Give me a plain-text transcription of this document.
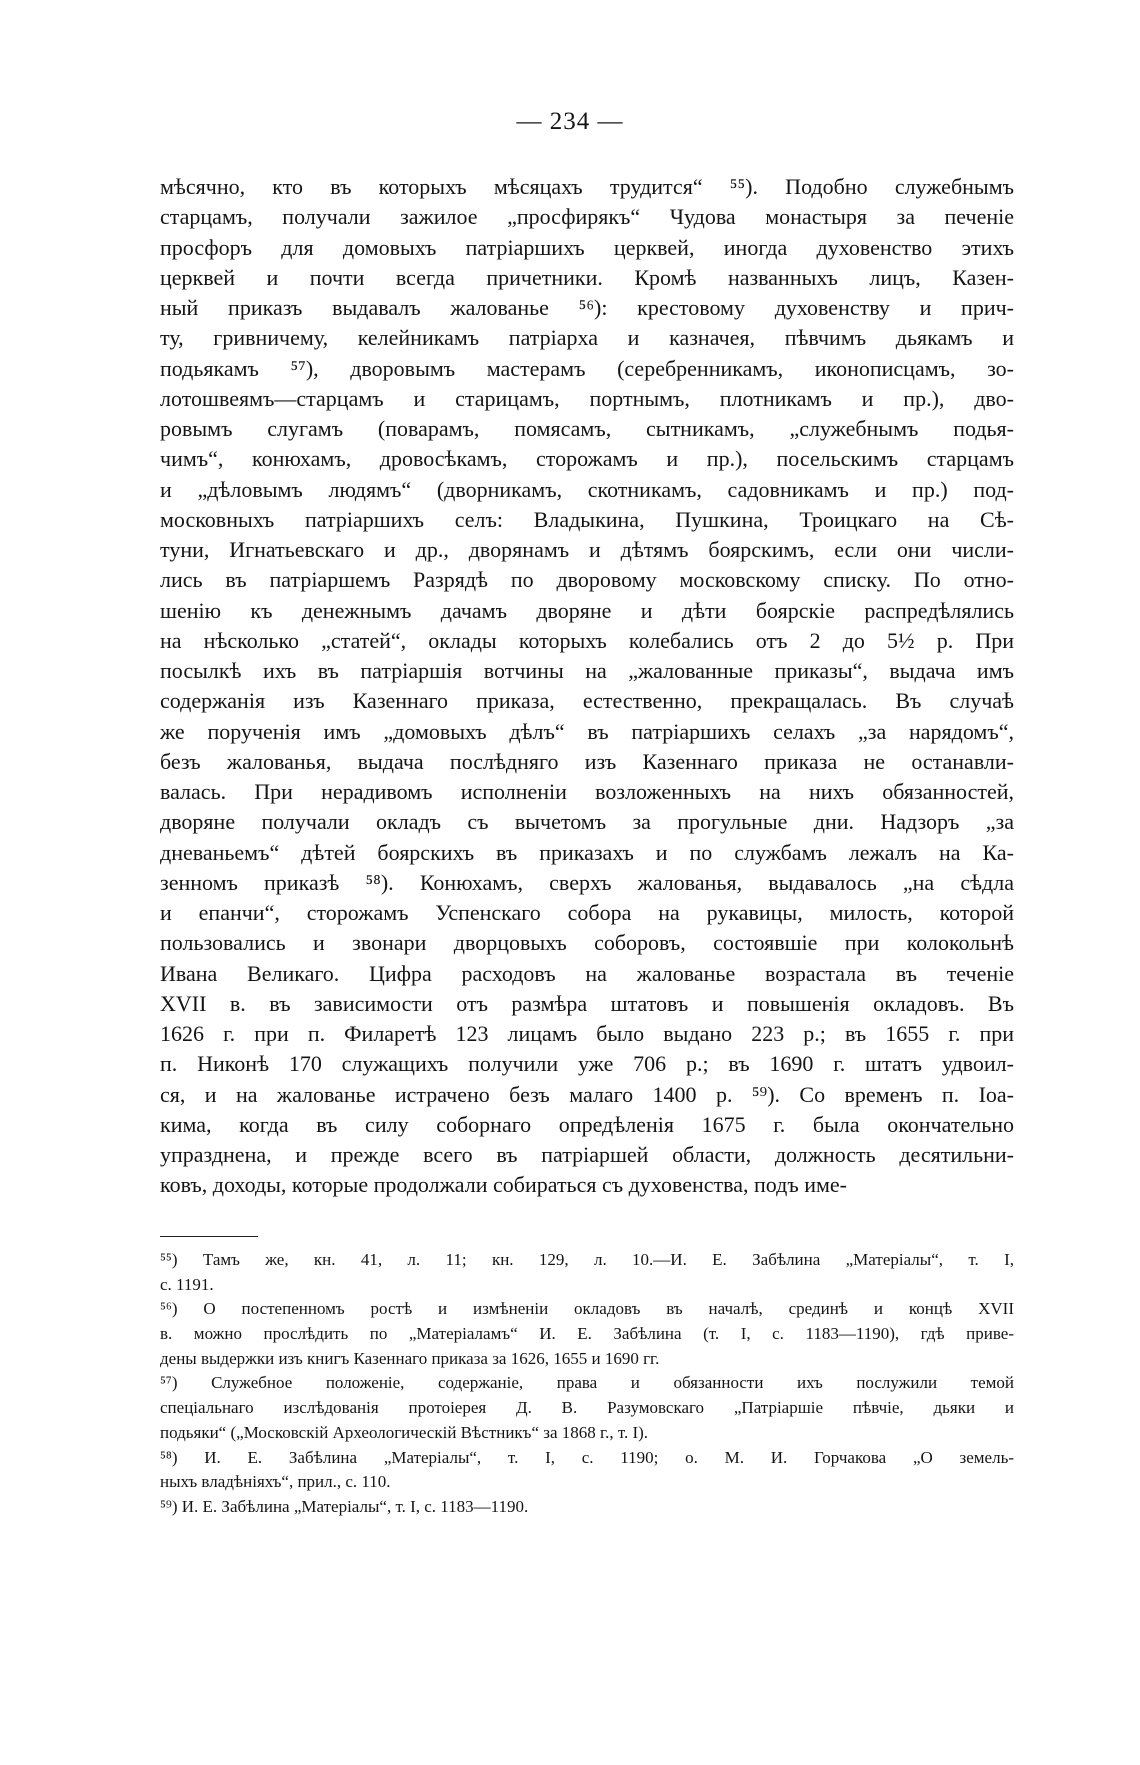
— 234 —
мѣсячно, кто въ которыхъ мѣсяцахъ трудится“ ⁵⁵). Подобно служебнымъ
старцамъ, получали зажилое „просфирякъ“ Чудова монастыря за печеніе
просфоръ для домовыхъ патріаршихъ церквей, иногда духовенство этихъ
церквей и почти всегда причетники. Кромѣ названныхъ лицъ, Казен-
ный приказъ выдавалъ жалованье ⁵⁶): крестовому духовенству и прич-
ту, гривничему, келейникамъ патріарха и казначея, пѣвчимъ дьякамъ и
подьякамъ ⁵⁷), дворовымъ мастерамъ (серебренникамъ, иконописцамъ, зо-
лотошвеямъ—старцамъ и старицамъ, портнымъ, плотникамъ и пр.), дво-
ровымъ слугамъ (поварамъ, помясамъ, сытникамъ, „служебнымъ подья-
чимъ“, конюхамъ, дровосѣкамъ, сторожамъ и пр.), посельскимъ старцамъ
и „дѣловымъ людямъ“ (дворникамъ, скотникамъ, садовникамъ и пр.) под-
московныхъ патріаршихъ селъ: Владыкина, Пушкина, Троицкаго на Сѣ-
туни, Игнатьевскаго и др., дворянамъ и дѣтямъ боярскимъ, если они числи-
лись въ патріаршемъ Разрядѣ по дворовому московскому списку. По отно-
шенію къ денежнымъ дачамъ дворяне и дѣти боярскіе распредѣлялись
на нѣсколько „статей“, оклады которыхъ колебались отъ 2 до 5½ р. При
посылкѣ ихъ въ патріаршія вотчины на „жалованные приказы“, выдача имъ
содержанія изъ Казеннаго приказа, естественно, прекращалась. Въ случаѣ
же порученія имъ „домовыхъ дѣлъ“ въ патріаршихъ селахъ „за нарядомъ“,
безъ жалованья, выдача послѣдняго изъ Казеннаго приказа не останавли-
валась. При нерадивомъ исполненіи возложенныхъ на нихъ обязанностей,
дворяне получали окладъ съ вычетомъ за прогульные дни. Надзоръ „за
дневаньемъ“ дѣтей боярскихъ въ приказахъ и по службамъ лежалъ на Ка-
зенномъ приказѣ ⁵⁸). Конюхамъ, сверхъ жалованья, выдавалось „на сѣдла
и епанчи“, сторожамъ Успенскаго собора на рукавицы, милость, которой
пользовались и звонари дворцовыхъ соборовъ, состоявшіе при колокольнѣ
Ивана Великаго. Цифра расходовъ на жалованье возрастала въ теченіе
XVII в. въ зависимости отъ размѣра штатовъ и повышенія окладовъ. Въ
1626 г. при п. Филаретѣ 123 лицамъ было выдано 223 р.; въ 1655 г. при
п. Никонѣ 170 служащихъ получили уже 706 р.; въ 1690 г. штатъ удвоил-
ся, и на жалованье истрачено безъ малаго 1400 р. ⁵⁹). Со временъ п. Іоа-
кима, когда въ силу соборнаго опредѣленія 1675 г. была окончательно
упразднена, и прежде всего въ патріаршей области, должность десятильни-
ковъ, доходы, которые продолжали собираться съ духовенства, подъ име-
⁵⁵) Тамъ же, кн. 41, л. 11; кн. 129, л. 10.—И. Е. Забѣлина „Матеріалы“, т. I,
с. 1191.
⁵⁶) О постепенномъ ростѣ и измѣненіи окладовъ въ началѣ, срединѣ и концѣ XVII
в. можно прослѣдить по „Матеріаламъ“ И. Е. Забѣлина (т. I, с. 1183—1190), гдѣ приве-
дены выдержки изъ книгъ Казеннаго приказа за 1626, 1655 и 1690 гг.
⁵⁷) Служебное положеніе, содержаніе, права и обязанности ихъ послужили темой
спеціальнаго изслѣдованія протоіерея Д. В. Разумовскаго „Патріаршіе пѣвчіе, дьяки и
подьяки“ („Московскій Археологическій Вѣстникъ“ за 1868 г., т. I).
⁵⁸) И. Е. Забѣлина „Матеріалы“, т. I, с. 1190; о. М. И. Горчакова „О земель-
ныхъ владѣніяхъ“, прил., с. 110.
⁵⁹) И. Е. Забѣлина „Матеріалы“, т. I, с. 1183—1190.
